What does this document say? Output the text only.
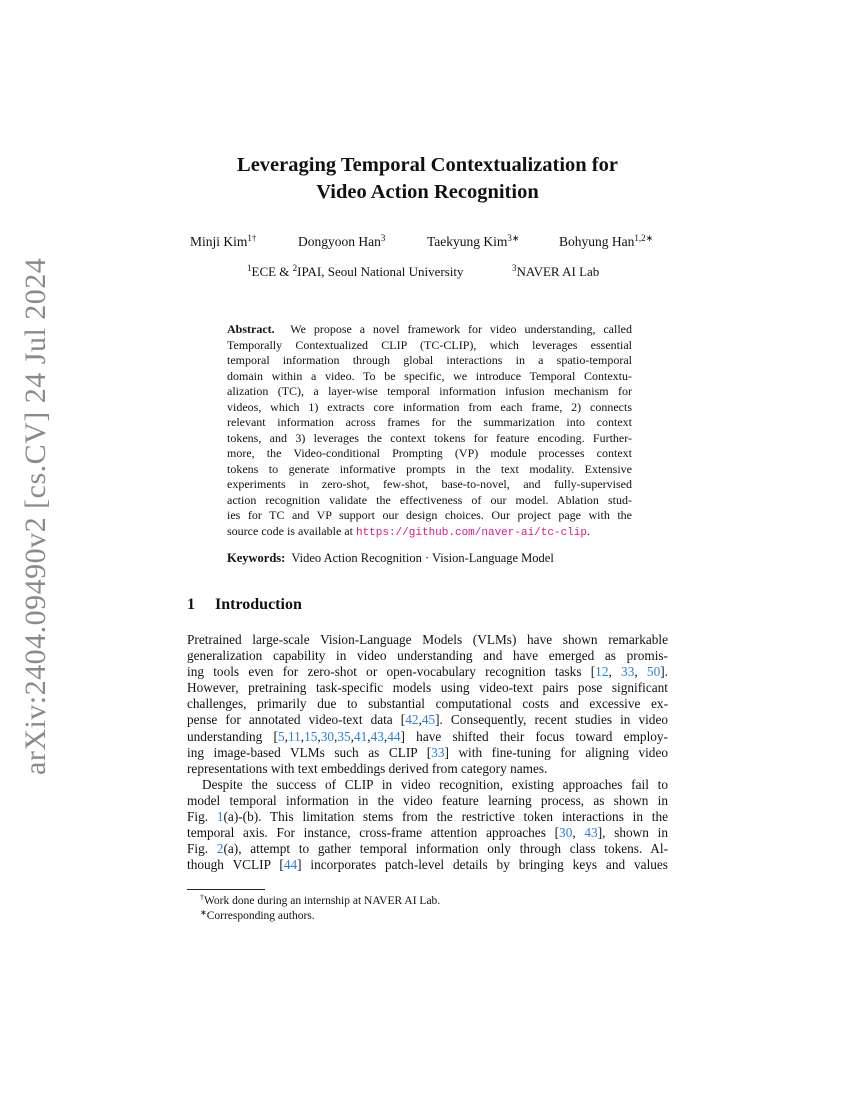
arXiv:2404.09490v2 [cs.CV] 24 Jul 2024
Leveraging Temporal Contextualization for
Video Action Recognition
Minji Kim$^{1\dagger}$	Dongyoon Han$^3$	Taekyung Kim$^{3∗}$	Bohyung Han$^{1,2∗}$
$^1$ECE & $^2$IPAI, Seoul National University	$^3$NAVER AI Lab
Abstract. We propose a novel framework for video understanding, called
Temporally Contextualized CLIP (TC-CLIP), which leverages essential
temporal information through global interactions in a spatio-temporal
domain within a video. To be specific, we introduce Temporal Contextu-
alization (TC), a layer-wise temporal information infusion mechanism for
videos, which 1) extracts core information from each frame, 2) connects
relevant information across frames for the summarization into context
tokens, and 3) leverages the context tokens for feature encoding. Further-
more, the Video-conditional Prompting (VP) module processes context
tokens to generate informative prompts in the text modality. Extensive
experiments in zero-shot, few-shot, base-to-novel, and fully-supervised
action recognition validate the effectiveness of our model. Ablation stud-
ies for TC and VP support our design choices. Our project page with the
source code is available at https://github.com/naver-ai/tc-clip.
Keywords: Video Action Recognition · Vision-Language Model
1 Introduction
Pretrained large-scale Vision-Language Models (VLMs) have shown remarkable
generalization capability in video understanding and have emerged as promis-
ing tools even for zero-shot or open-vocabulary recognition tasks [12, 33, 50].
However, pretraining task-specific models using video-text pairs pose significant
challenges, primarily due to substantial computational costs and excessive ex-
pense for annotated video-text data [42,45]. Consequently, recent studies in video
understanding [5,11,15,30,35,41,43,44] have shifted their focus toward employ-
ing image-based VLMs such as CLIP [33] with fine-tuning for aligning video
representations with text embeddings derived from category names.
Despite the success of CLIP in video recognition, existing approaches fail to
model temporal information in the video feature learning process, as shown in
Fig. 1(a)-(b). This limitation stems from the restrictive token interactions in the
temporal axis. For instance, cross-frame attention approaches [30, 43], shown in
Fig. 2(a), attempt to gather temporal information only through class tokens. Al-
though VCLIP [44] incorporates patch-level details by bringing keys and values
†Work done during an internship at NAVER AI Lab.
∗Corresponding authors.
